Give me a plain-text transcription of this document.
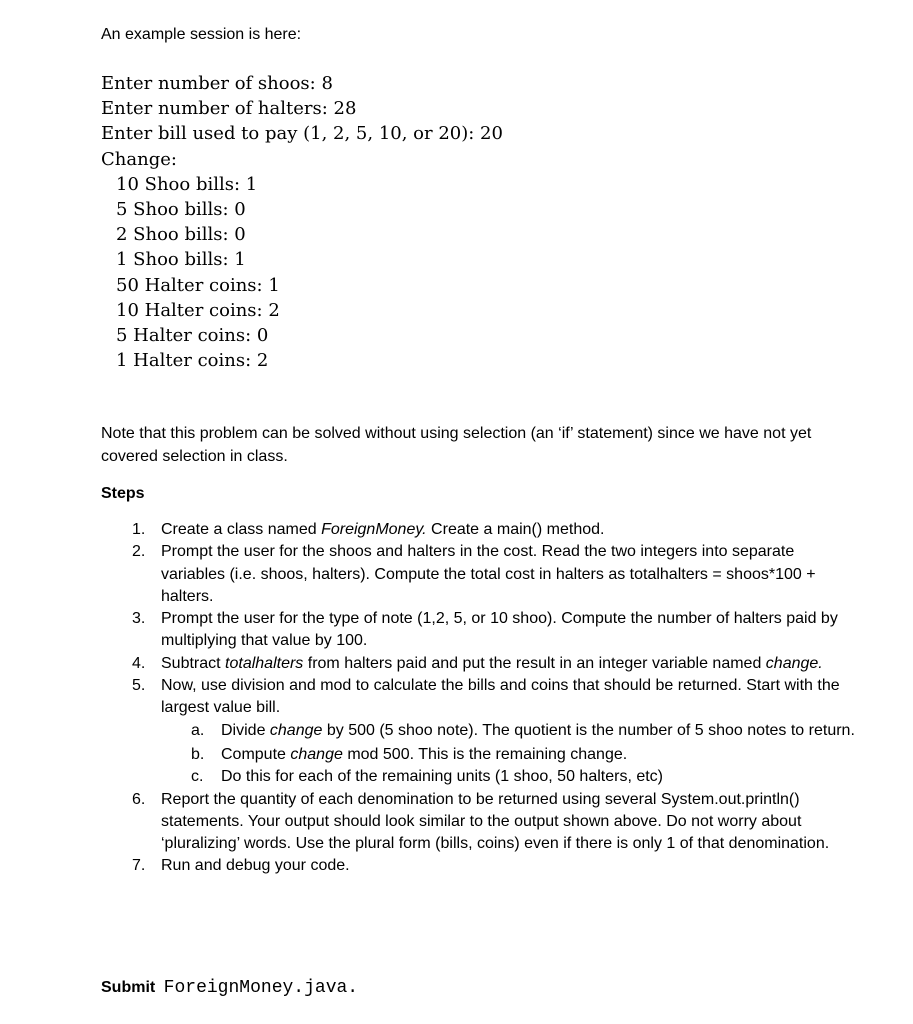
An example session is here:

Enter number of shoos: 8
Enter number of halters: 28
Enter bill used to pay (1, 2, 5, 10, or 20): 20
Change:
10 Shoo bills: 1
5 Shoo bills: 0
2 Shoo bills: 0
1 Shoo bills: 1
50 Halter coins: 1
10 Halter coins: 2
5 Halter coins: 0
1 Halter coins: 2

Note that this problem can be solved without using selection (an ‘if’ statement) since we have not yet covered selection in class.

Steps

1. Create a class named ForeignMoney. Create a main() method.
2. Prompt the user for the shoos and halters in the cost. Read the two integers into separate variables (i.e. shoos, halters). Compute the total cost in halters as totalhalters = shoos*100 + halters.
3. Prompt the user for the type of note (1,2, 5, or 10 shoo). Compute the number of halters paid by multiplying that value by 100.
4. Subtract totalhalters from halters paid and put the result in an integer variable named change.
5. Now, use division and mod to calculate the bills and coins that should be returned. Start with the largest value bill.
a. Divide change by 500 (5 shoo note). The quotient is the number of 5 shoo notes to return.
b. Compute change mod 500. This is the remaining change.
c. Do this for each of the remaining units (1 shoo, 50 halters, etc)
6. Report the quantity of each denomination to be returned using several System.out.println() statements. Your output should look similar to the output shown above. Do not worry about ‘pluralizing’ words. Use the plural form (bills, coins) even if there is only 1 of that denomination.
7. Run and debug your code.

Submit ForeignMoney.java.
